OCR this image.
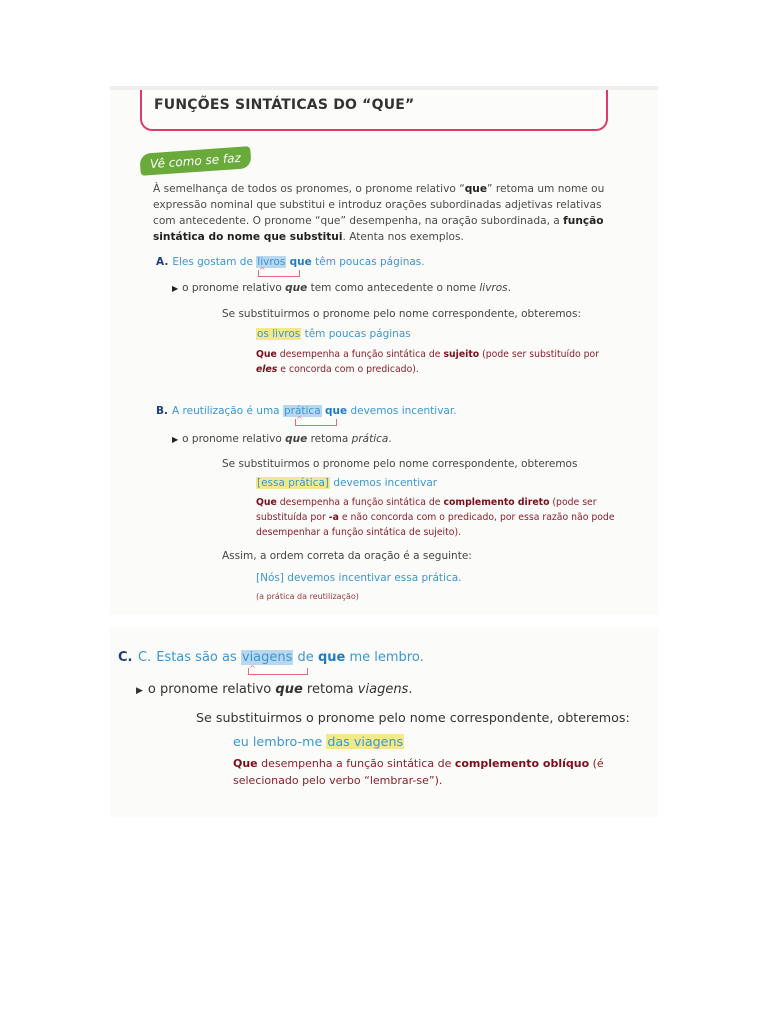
FUNÇÕES SINTÁTICAS DO “QUE”
Vê como se faz
À semelhança de todos os pronomes, o pronome relativo “que” retoma um nome ou expressão nominal que substitui e introduz orações subordinadas adjetivas relativas com antecedente. O pronome “que” desempenha, na oração subordinada, a função sintática do nome que substitui. Atenta nos exemplos.
A. Eles gostam de livros que têm poucas páginas.
^
▶ o pronome relativo que tem como antecedente o nome livros.
Se substituirmos o pronome pelo nome correspondente, obteremos:
os livros têm poucas páginas
Que desempenha a função sintática de sujeito (pode ser substituído por eles e concorda com o predicado).
B. A reutilização é uma prática que devemos incentivar.
^
▶ o pronome relativo que retoma prática.
Se substituirmos o pronome pelo nome correspondente, obteremos
[essa prática] devemos incentivar
Que desempenha a função sintática de complemento direto (pode ser substituída por -a e não concorda com o predicado, por essa razão não pode desempenhar a função sintática de sujeito).
Assim, a ordem correta da oração é a seguinte:
[Nós] devemos incentivar essa prática.
(a prática da reutilização)
C. C. Estas são as viagens de que me lembro.
^
▶ o pronome relativo que retoma viagens.
Se substituirmos o pronome pelo nome correspondente, obteremos:
eu lembro-me das viagens
Que desempenha a função sintática de complemento oblíquo (é selecionado pelo verbo “lembrar-se”).
